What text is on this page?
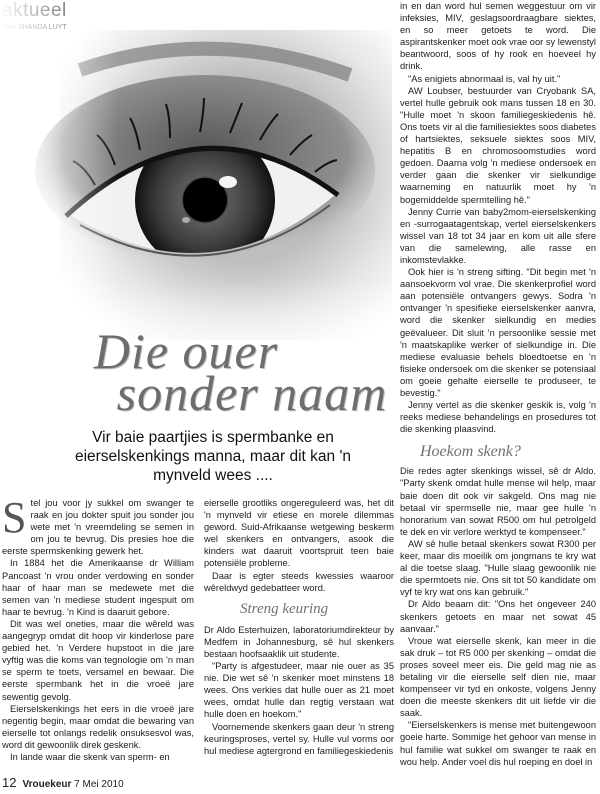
Die ouer
sonder naam
Vir baie paartjies is spermbanke en eierselskenkings manna, maar dit kan 'n mynveld wees ....

Stel jou voor jy sukkel om swanger te raak en jou dokter spuit jou sonder jou wete met 'n vreemdeling se semen in om jou te bevrug. Dis presies hoe die eerste spermskenking gewerk het.

In 1884 het die Amerikaanse dr William Pancoast 'n vrou onder verdowing en sonder haar of haar man se medewete met die semen van 'n mediese student ingespuit om haar te bevrug. 'n Kind is daaruit gebore.

Dit was wel oneties, maar die wêreld was aangegryp omdat dit hoop vir kinderlose pare gebied het. 'n Verdere hupstoot in die jare vyftig was die koms van tegnologie om 'n man se sperm te toets, versamel en bewaar. Die eerste spermbank het in die vroeë jare sewentig gevolg.

Eierselskenkings het eers in die vroeë jare negentig begin, maar omdat die bewaring van eierselle tot onlangs redelik onsuksesvol was, word dit gewoonlik direk geskenk.

In lande waar die skenk van sperm- en

eierselle grootliks ongereguleerd was, het dit 'n mynveld vir etiese en morele dilemmas geword. Suid-Afrikaanse wetgewing beskerm wel skenkers en ontvangers, asook die kinders wat daaruit voortspruit teen baie potensiële probleme.

Daar is egter steeds kwessies waaroor wêreldwyd gedebatteer word.

Streng keuring

Dr Aldo Esterhuizen, laboratoriumdirekteur by Medfem in Johannesburg, sê hul skenkers bestaan hoofsaaklik uit studente.

"Party is afgestudeer, maar nie ouer as 35 nie. Die wet sê 'n skenker moet minstens 18 wees. Ons verkies dat hulle ouer as 21 moet wees, omdat hulle dan regtig verstaan wat hulle doen en hoekom."

Voornemende skenkers gaan deur 'n streng keuringsproses, vertel sy. Hulle vul vorms oor hul mediese agtergrond en familiegeskiedenis

in en dan word hul semen weggestuur om vir infeksies, MIV, geslagsoordraagbare siektes, en so meer getoets te word. Die aspirantskenker moet ook vrae oor sy lewenstyl beantwoord, soos of hy rook en hoeveel hy drink.

"As enigiets abnormaal is, val hy uit."

AW Loubser, bestuurder van Cryobank SA, vertel hulle gebruik ook mans tussen 18 en 30. "Hulle moet 'n skoon familiegeskiedenis hê. Ons toets vir al die familiesiektes soos diabetes of hartsiektes, seksuele siektes soos MIV, hepatitis B en chromosoomstudies word gedoen. Daarna volg 'n mediese ondersoek en verder gaan die skenker vir sielkundige waarneming en natuurlik moet hy 'n bogemiddelde spermtelling hê."

Jenny Currie van baby2mom-eierselskenking en -surrogaatagentskap, vertel eierselskenkers wissel van 18 tot 34 jaar en kom uit alle sfere van die samelewing, alle rasse en inkomstevlakke.

Ook hier is 'n streng sifting. "Dit begin met 'n aansoekvorm vol vrae. Die skenkerprofiel word aan potensiële ontvangers gewys. Sodra 'n ontvanger 'n spesifieke eierselskenker aanvra, word die skenker sielkundig en medies geëvalueer. Dit sluit 'n persoonlike sessie met 'n maatskaplike werker of sielkundige in. Die mediese evaluasie behels bloedtoetse en 'n fisieke ondersoek om die skenker se potensiaal om goeie gehalte eierselle te produseer, te bevestig."

Jenny vertel as die skenker geskik is, volg 'n reeks mediese behandelings en prosedures tot die skenking plaasvind.

Hoekom skenk?

Die redes agter skenkings wissel, sê dr Aldo. "Party skenk omdat hulle mense wil help, maar baie doen dit ook vir sakgeld. Ons mag nie betaal vir spermselle nie, maar gee hulle 'n honorarium van sowat R500 om hul petrolgeld te dek en vir verlore werktyd te kompenseer."

AW sê hulle betaal skenkers sowat R300 per keer, maar dis moeilik om jongmans te kry wat al die toetse slaag. "Hulle slaag gewoonlik nie die spermtoets nie. Ons sit tot 50 kandidate om vyf te kry wat ons kan gebruik."

Dr Aldo beaam dit: "Ons het ongeveer 240 skenkers getoets en maar net sowat 45 aanvaar."

Vroue wat eierselle skenk, kan meer in die sak druk – tot R5 000 per skenking – omdat die proses soveel meer eis. Die geld mag nie as betaling vir die eierselle self dien nie, maar kompenseer vir tyd en onkoste, volgens Jenny doen die meeste skenkers dit uit liefde vir die saak.

"Eierselskenkers is mense met buitengewoon goeie harte. Sommige het gehoor van mense in hul familie wat sukkel om swanger te raak en wou help. Ander voel dis hul roeping en doel in

12 Vrouekeur 7 Mei 2010
